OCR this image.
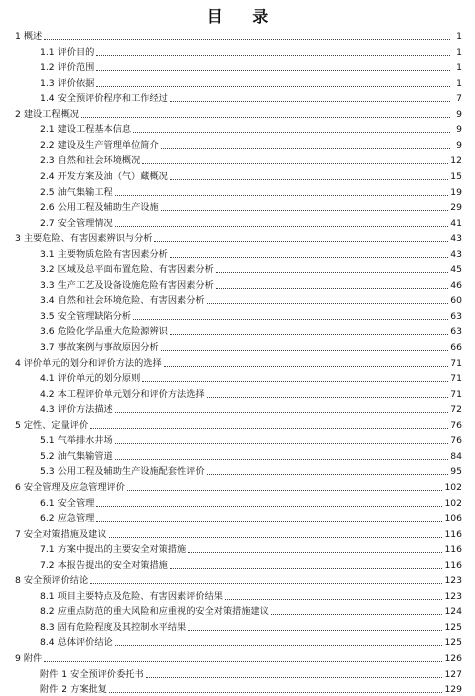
目 录
1 概述	1
1.1 评价目的	1
1.2 评价范围	1
1.3 评价依据	1
1.4 安全预评价程序和工作经过	7
2 建设工程概况	9
2.1 建设工程基本信息	9
2.2 建设及生产管理单位简介	9
2.3 自然和社会环境概况	12
2.4 开发方案及油（气）藏概况	15
2.5 油气集输工程	19
2.6 公用工程及辅助生产设施	29
2.7 安全管理情况	41
3 主要危险、有害因素辨识与分析	43
3.1 主要物质危险有害因素分析	43
3.2 区域及总平面布置危险、有害因素分析	45
3.3 生产工艺及设备设施危险有害因素分析	46
3.4 自然和社会环境危险、有害因素分析	60
3.5 安全管理缺陷分析	63
3.6 危险化学品重大危险源辨识	63
3.7 事故案例与事故原因分析	66
4 评价单元的划分和评价方法的选择	71
4.1 评价单元的划分原则	71
4.2 本工程评价单元划分和评价方法选择	71
4.3 评价方法描述	72
5 定性、定量评价	76
5.1 气举排水井场	76
5.2 油气集输管道	84
5.3 公用工程及辅助生产设施配套性评价	95
6 安全管理及应急管理评价	102
6.1 安全管理	102
6.2 应急管理	106
7 安全对策措施及建议	116
7.1 方案中提出的主要安全对策措施	116
7.2 本报告提出的安全对策措施	116
8 安全预评价结论	123
8.1 项目主要特点及危险、有害因素评价结果	123
8.2 应重点防范的重大风险和应重视的安全对策措施建议	124
8.3 固有危险程度及其控制水平结果	125
8.4 总体评价结论	125
9 附件	126
附件 1 安全预评价委托书	127
附件 2 方案批复	129
